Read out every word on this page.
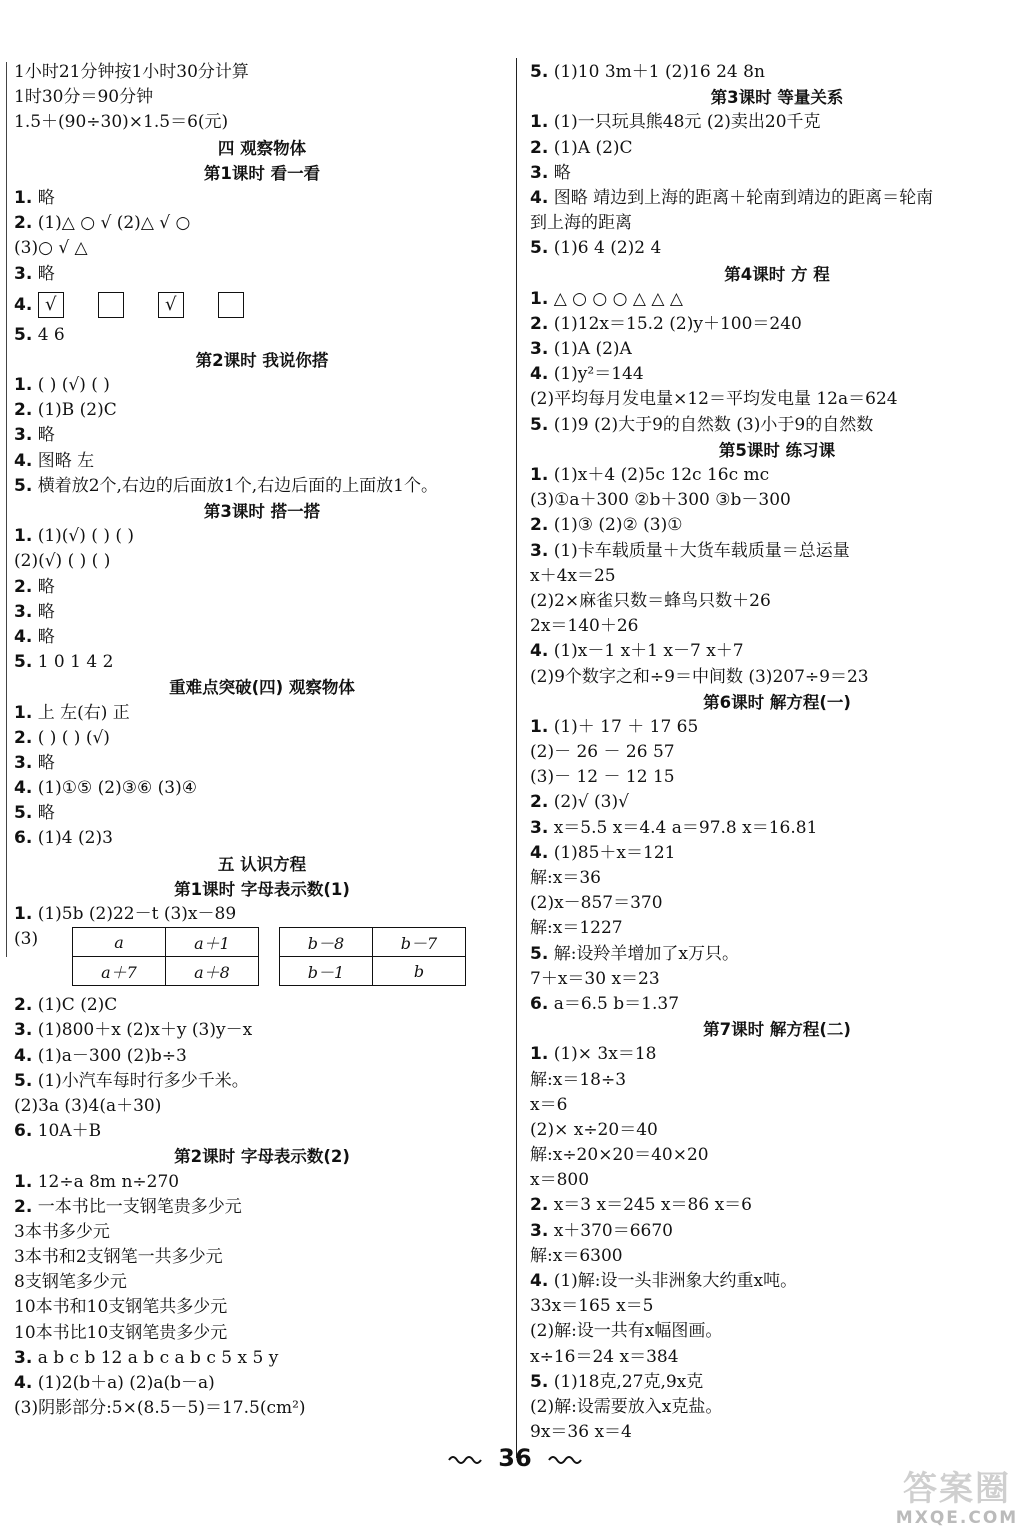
1小时21分钟按1小时30分计算
1时30分＝90分钟
1.5＋(90÷30)×1.5＝6(元)
四 观察物体
第1课时 看一看
1. 略
2. (1)△ ○ √ (2)△ √ ○
(3)○ √ △
3. 略
4. √	√
5. 4 6
第2课时 我说你搭
1. ( ) (√) ( )
2. (1)B (2)C
3. 略
4. 图略 左
5. 横着放2个,右边的后面放1个,右边后面的上面放1个。
第3课时 搭一搭
1. (1)(√) ( ) ( )
(2)(√) ( ) ( )
2. 略
3. 略
4. 略
5. 1 0 1 4 2
重难点突破(四) 观察物体
1. 上 左(右) 正
2. ( ) ( ) (√)
3. 略
4. (1)①⑤ (2)③⑥ (3)④
5. 略
6. (1)4 (2)3
五 认识方程
第1课时 字母表示数(1)
1. (1)5b (2)22－t (3)x－89
(3)	a	a＋1
a＋7	a＋8
b－8	b－7
b－1	b
2. (1)C (2)C
3. (1)800＋x (2)x＋y (3)y－x
4. (1)a－300 (2)b÷3
5. (1)小汽车每时行多少千米。
(2)3a (3)4(a＋30)
6. 10A＋B
第2课时 字母表示数(2)
1. 12÷a 8m n÷270
2. 一本书比一支钢笔贵多少元
3本书多少元
3本书和2支钢笔一共多少元
8支钢笔多少元
10本书和10支钢笔共多少元
10本书比10支钢笔贵多少元
3. a b c b 12 a b c a b c 5 x 5 y
4. (1)2(b＋a) (2)a(b－a)
(3)阴影部分:5×(8.5－5)＝17.5(cm²)
5. (1)10 3m＋1 (2)16 24 8n
第3课时 等量关系
1. (1)一只玩具熊48元 (2)卖出20千克
2. (1)A (2)C
3. 略
4. 图略 靖边到上海的距离＋轮南到靖边的距离＝轮南
到上海的距离
5. (1)6 4 (2)2 4
第4课时 方 程
1. △ ○ ○ ○ △ △ △
2. (1)12x＝15.2 (2)y＋100＝240
3. (1)A (2)A
4. (1)y²＝144
(2)平均每月发电量×12＝平均发电量 12a＝624
5. (1)9 (2)大于9的自然数 (3)小于9的自然数
第5课时 练习课
1. (1)x＋4 (2)5c 12c 16c mc
(3)①a＋300 ②b＋300 ③b－300
2. (1)③ (2)② (3)①
3. (1)卡车载质量＋大货车载质量＝总运量
x＋4x＝25
(2)2×麻雀只数＝蜂鸟只数＋26
2x＝140＋26
4. (1)x－1 x＋1 x－7 x＋7
(2)9个数字之和÷9＝中间数 (3)207÷9＝23
第6课时 解方程(一)
1. (1)＋ 17 ＋ 17 65
(2)－ 26 － 26 57
(3)－ 12 － 12 15
2. (2)√ (3)√
3. x＝5.5 x＝4.4 a＝97.8 x＝16.81
4. (1)85＋x＝121
解:x＝36
(2)x－857＝370
解:x＝1227
5. 解:设羚羊增加了x万只。
7＋x＝30 x＝23
6. a＝6.5 b＝1.37
第7课时 解方程(二)
1. (1)× 3x＝18
解:x＝18÷3
x＝6
(2)× x÷20＝40
解:x÷20×20＝40×20
x＝800
2. x＝3 x＝245 x＝86 x＝6
3. x＋370＝6670
解:x＝6300
4. (1)解:设一头非洲象大约重x吨。
33x＝165 x＝5
(2)解:设一共有x幅图画。
x÷16＝24 x＝384
5. (1)18克,27克,9x克
(2)解:设需要放入x克盐。
9x＝36 x＝4
36
答案圈
MXQE.COM
